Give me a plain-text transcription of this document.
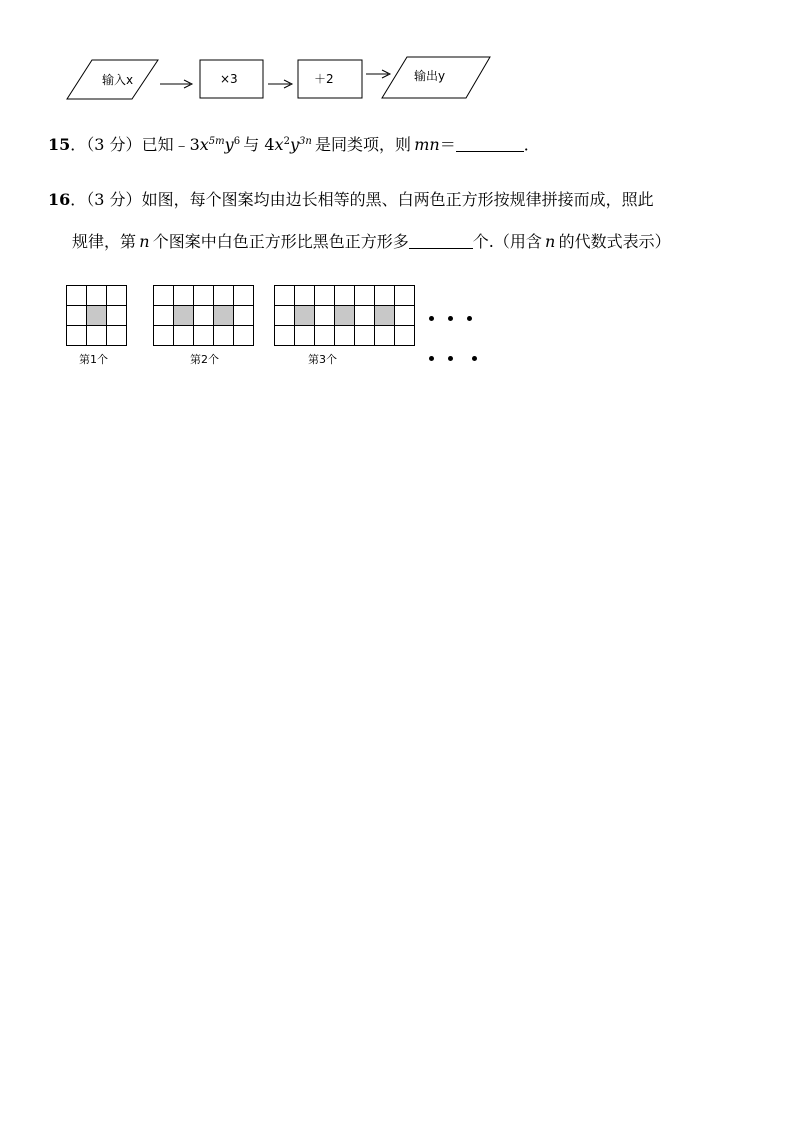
输入x	×3	＋2	输出y
15．（3 分）已知$﹣3x^{5m}y^6$  与 $4x^2y^{3n}$  是同类项，则  mn＝	．
16．（3 分）如图，每个图案均由边长相等的黑、白两色正方形按规律拼接而成，照此
规律，第  n  个图案中白色正方形比黑色正方形多	个.（用含  n  的代数式表示）
第1个	第2个	第3个
